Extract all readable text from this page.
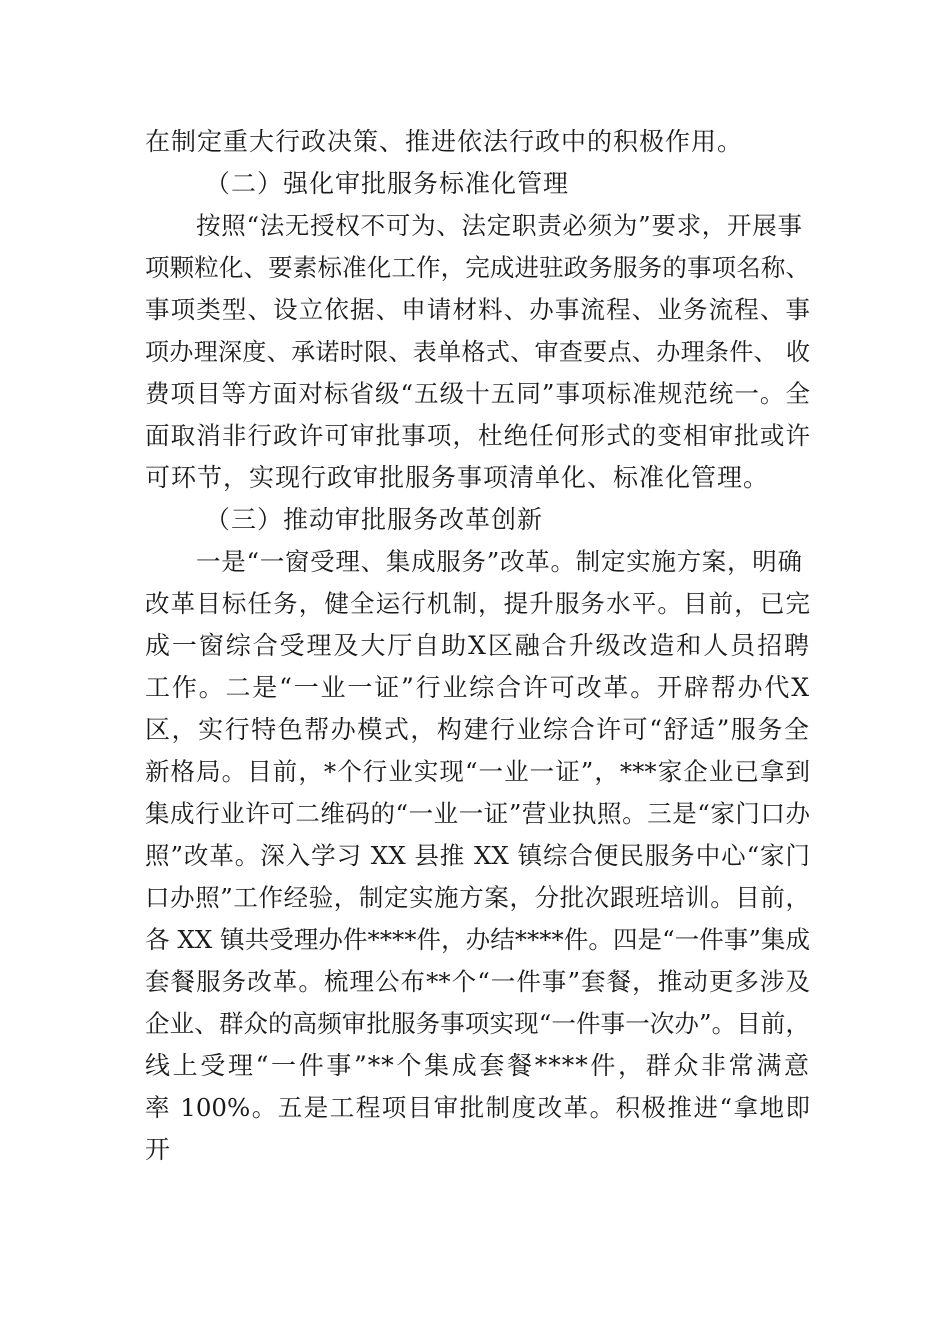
在制定重大行政决策、推进依法行政中的积极作用。
（二）强化审批服务标准化管理
按照“法无授权不可为、法定职责必须为”要求，开展事
项颗粒化、要素标准化工作，完成进驻政务服务的事项名称、
事项类型、设立依据、申请材料、办事流程、业务流程、事
项办理深度、承诺时限、表单格式、审查要点、办理条件、 收
费项目等方面对标省级“五级十五同”事项标准规范统一。全
面取消非行政许可审批事项，杜绝任何形式的变相审批或许
可环节，实现行政审批服务事项清单化、标准化管理。
（三）推动审批服务改革创新
一是“一窗受理、集成服务”改革。制定实施方案，明确
改革目标任务，健全运行机制，提升服务水平。目前，已完
成一窗综合受理及大厅自助X区融合升级改造和人员招聘
工作。二是“一业一证”行业综合许可改革。开辟帮办代X
区，实行特色帮办模式，构建行业综合许可“舒适”服务全
新格局。目前，*个行业实现“一业一证”，***家企业已拿到
集成行业许可二维码的“一业一证”营业执照。三是“家门口办
照”改革。深入学习 XX 县推 XX 镇综合便民服务中心“家门
口办照”工作经验，制定实施方案，分批次跟班培训。目前，
各 XX 镇共受理办件****件，办结****件。四是“一件事”集成
套餐服务改革。梳理公布**个“一件事”套餐，推动更多涉及
企业、群众的高频审批服务事项实现“一件事一次办”。目前，
线上受理“一件事”**个集成套餐****件，群众非常满意
率 100%。五是工程项目审批制度改革。积极推进“拿地即
开
